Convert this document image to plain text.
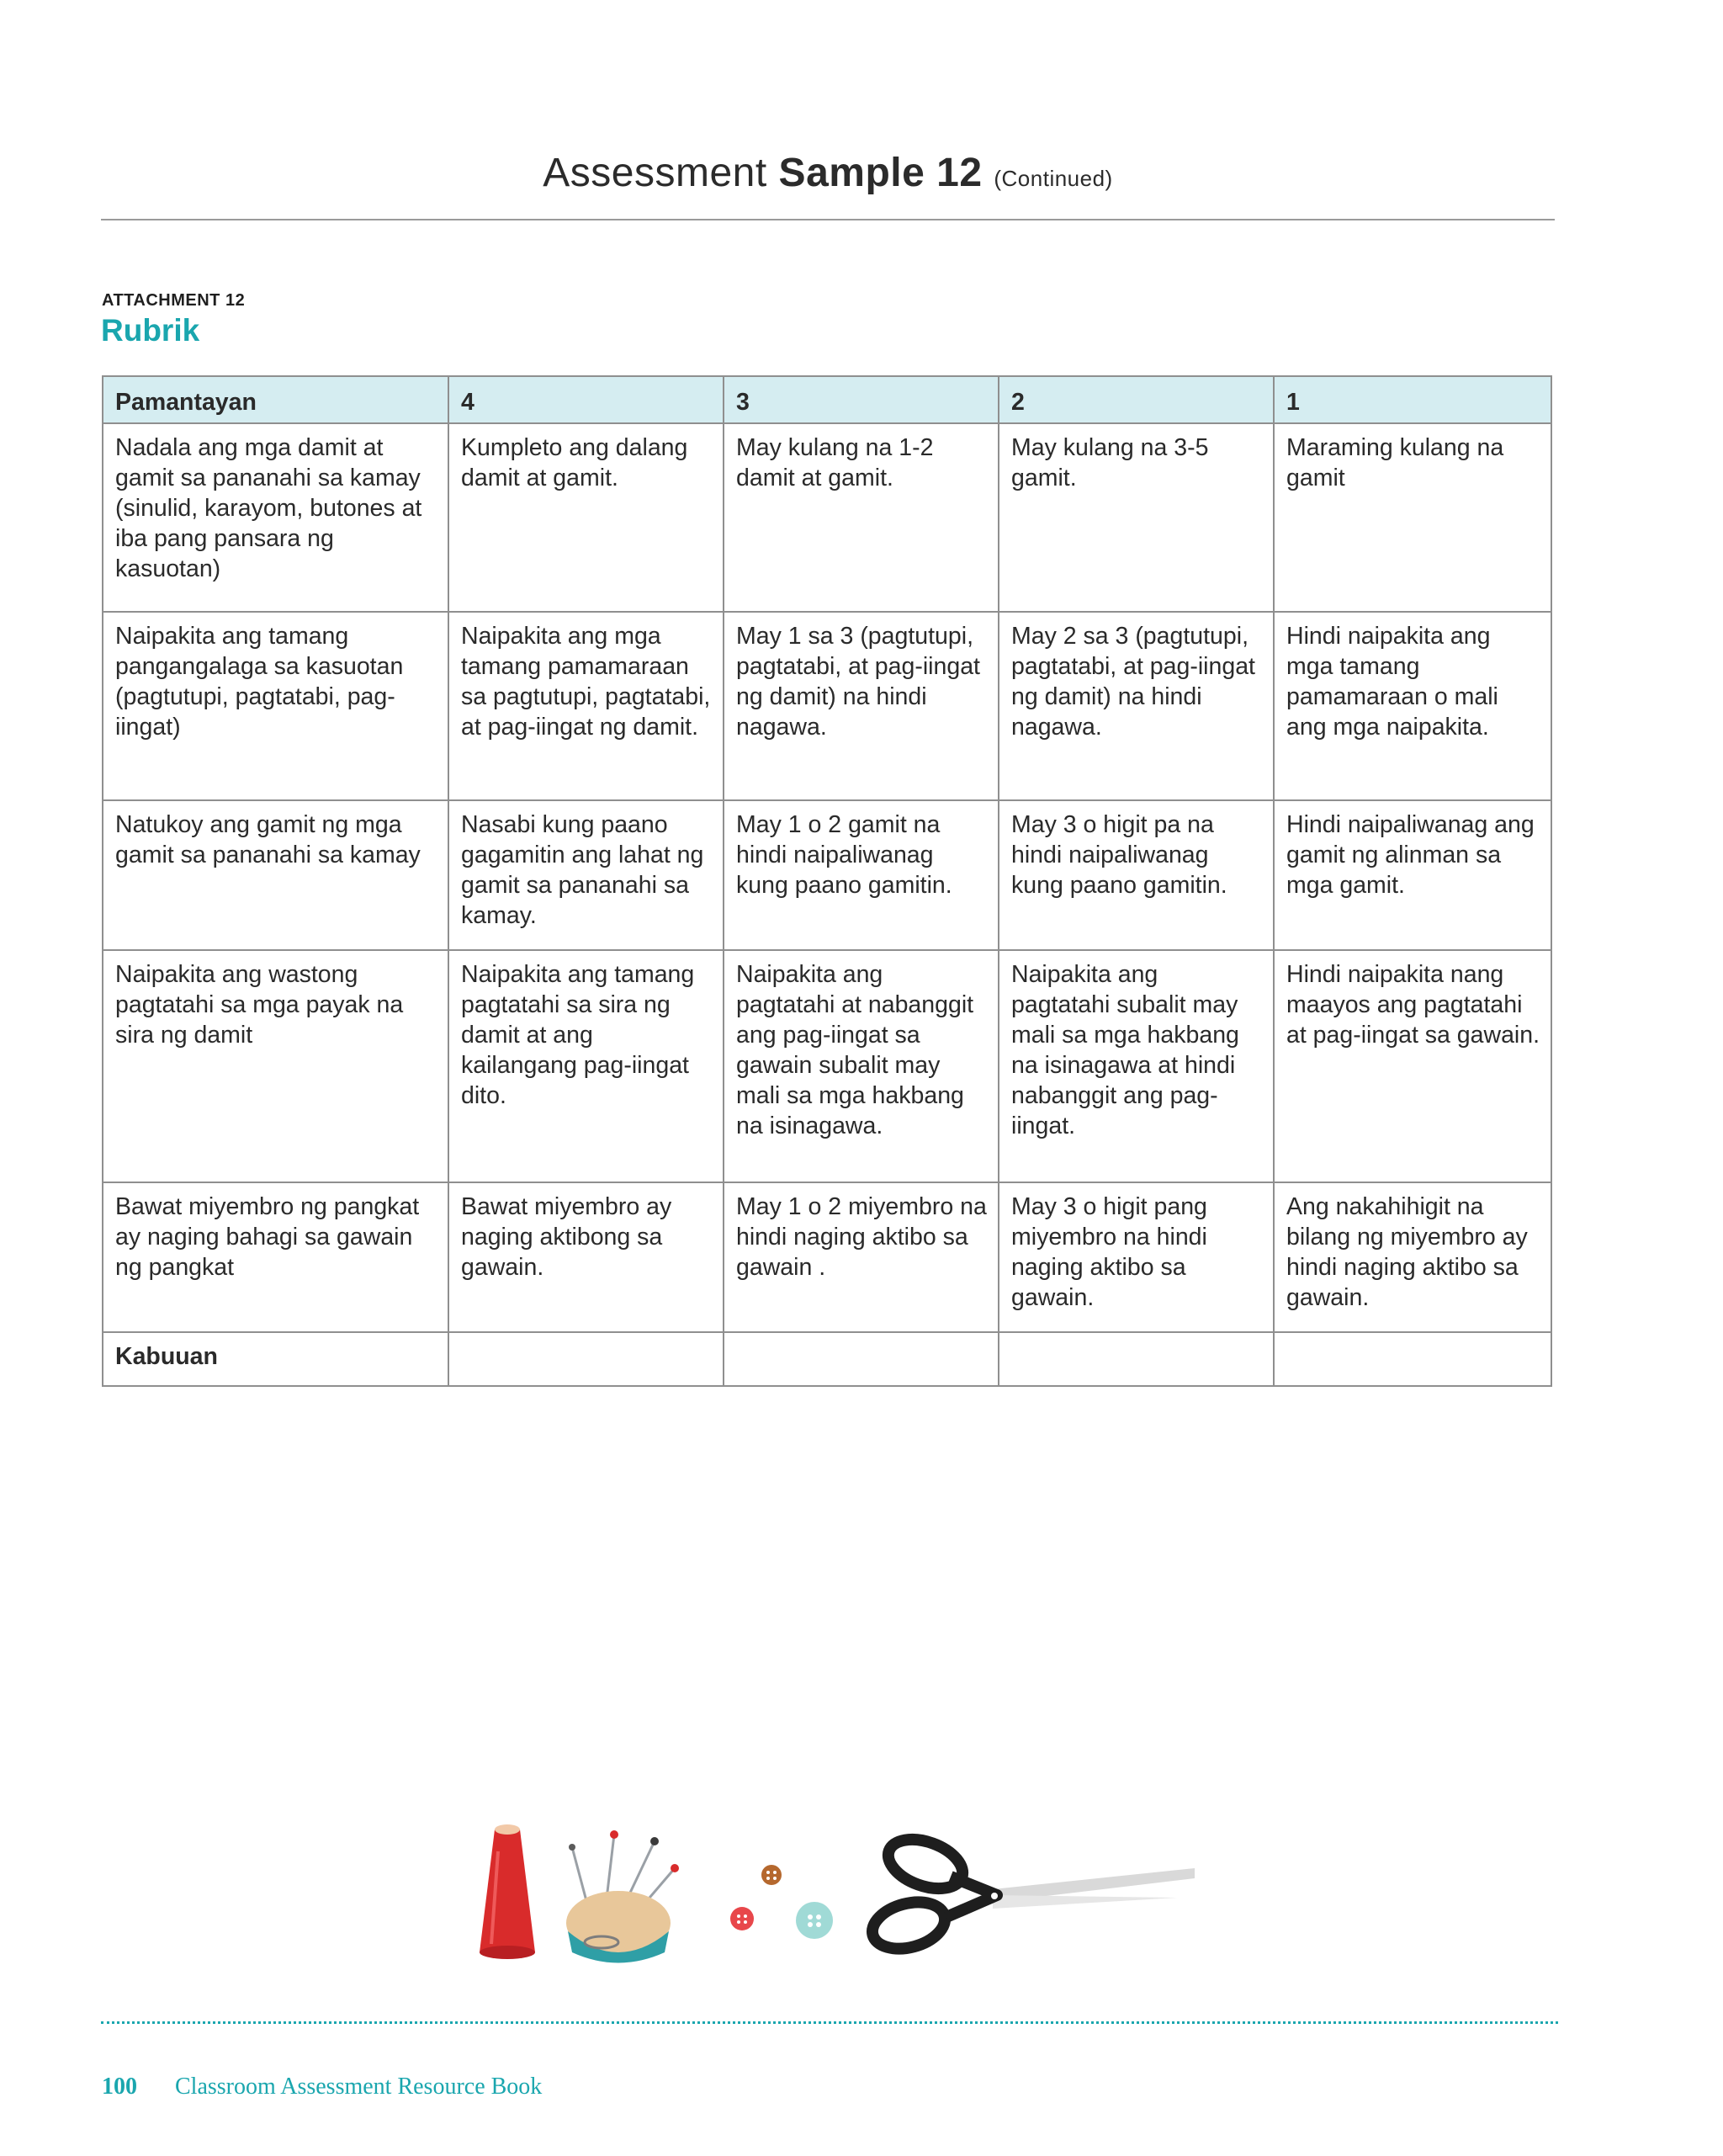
Assessment Sample 12 (Continued)
ATTACHMENT 12
Rubrik
Pamantayan	4	3	2	1
Nadala ang mga damit at gamit sa pananahi sa kamay (sinulid, karayom, butones at iba pang pansara ng kasuotan)	Kumpleto ang dalang damit at gamit.	May kulang na 1-2 damit at gamit.	May kulang na 3-5 gamit.	Maraming kulang na gamit
Naipakita ang tamang pangangalaga sa kasuotan (pagtutupi, pagtatabi, pag-iingat)	Naipakita ang mga tamang pamamaraan sa pagtutupi, pagtatabi, at pag-iingat ng damit.	May 1 sa 3 (pagtutupi, pagtatabi, at pag-iingat ng damit) na hindi nagawa.	May 2 sa 3 (pagtutupi, pagtatabi, at pag-iingat ng damit) na hindi nagawa.	Hindi naipakita ang mga tamang pamamaraan o mali ang mga naipakita.
Natukoy ang gamit ng mga gamit sa pananahi sa kamay	Nasabi kung paano gagamitin ang lahat ng gamit sa pananahi sa kamay.	May 1 o 2 gamit na hindi naipaliwanag kung paano gamitin.	May 3 o higit pa na hindi naipaliwanag kung paano gamitin.	Hindi naipaliwanag ang gamit ng alinman sa mga gamit.
Naipakita ang wastong pagtatahi sa mga payak na sira ng damit	Naipakita ang tamang pagtatahi sa sira ng damit at ang kailangang pag-iingat dito.	Naipakita ang pagtatahi at nabanggit ang pag-iingat sa gawain subalit may mali sa mga hakbang na isinagawa.	Naipakita ang pagtatahi subalit may mali sa mga hakbang na isinagawa at hindi nabanggit ang pag-iingat.	Hindi naipakita nang maayos ang pagtatahi at pag-iingat sa gawain.
Bawat miyembro ng pangkat ay naging bahagi sa gawain ng pangkat	Bawat miyembro ay naging aktibong sa gawain.	May 1 o 2 miyembro na hindi naging aktibo sa gawain .	May 3 o higit pang miyembro na hindi naging aktibo sa gawain.	Ang nakahihigit na bilang ng miyembro ay hindi naging aktibo sa gawain.
Kabuuan				
100 Classroom Assessment Resource Book
